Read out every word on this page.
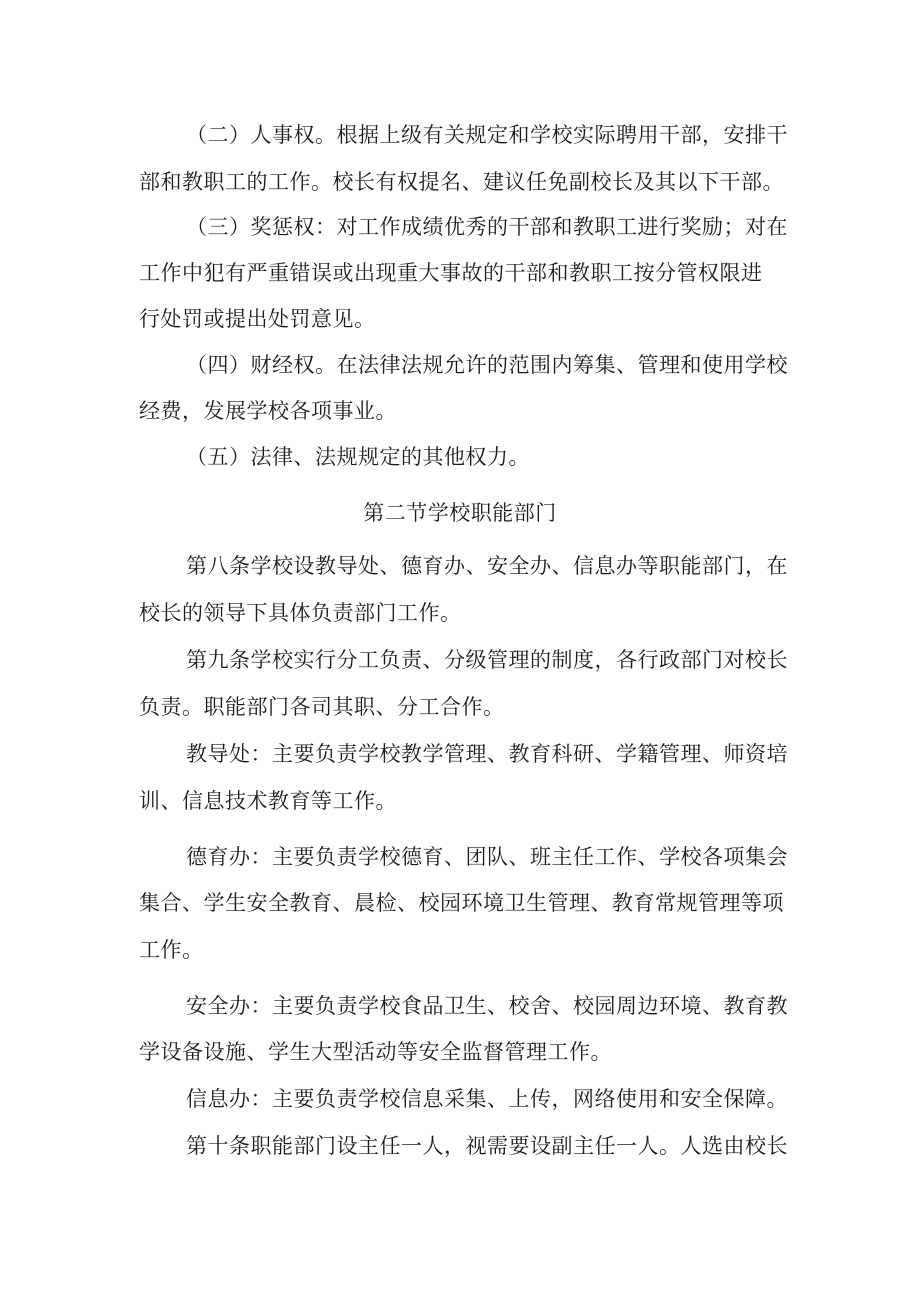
（二）人事权。根据上级有关规定和学校实际聘用干部，安排干
部和教职工的工作。校长有权提名、建议任免副校长及其以下干部。
（三）奖惩权：对工作成绩优秀的干部和教职工进行奖励；对在
工作中犯有严重错误或出现重大事故的干部和教职工按分管权限进
行处罚或提出处罚意见。
（四）财经权。在法律法规允许的范围内筹集、管理和使用学校
经费，发展学校各项事业。
（五）法律、法规规定的其他权力。
第二节学校职能部门
第八条学校设教导处、德育办、安全办、信息办等职能部门，在
校长的领导下具体负责部门工作。
第九条学校实行分工负责、分级管理的制度，各行政部门对校长
负责。职能部门各司其职、分工合作。
教导处：主要负责学校教学管理、教育科研、学籍管理、师资培
训、信息技术教育等工作。
德育办：主要负责学校德育、团队、班主任工作、学校各项集会
集合、学生安全教育、晨检、校园环境卫生管理、教育常规管理等项
工作。
安全办：主要负责学校食品卫生、校舍、校园周边环境、教育教
学设备设施、学生大型活动等安全监督管理工作。
信息办：主要负责学校信息采集、上传，网络使用和安全保障。
第十条职能部门设主任一人，视需要设副主任一人。人选由校长
